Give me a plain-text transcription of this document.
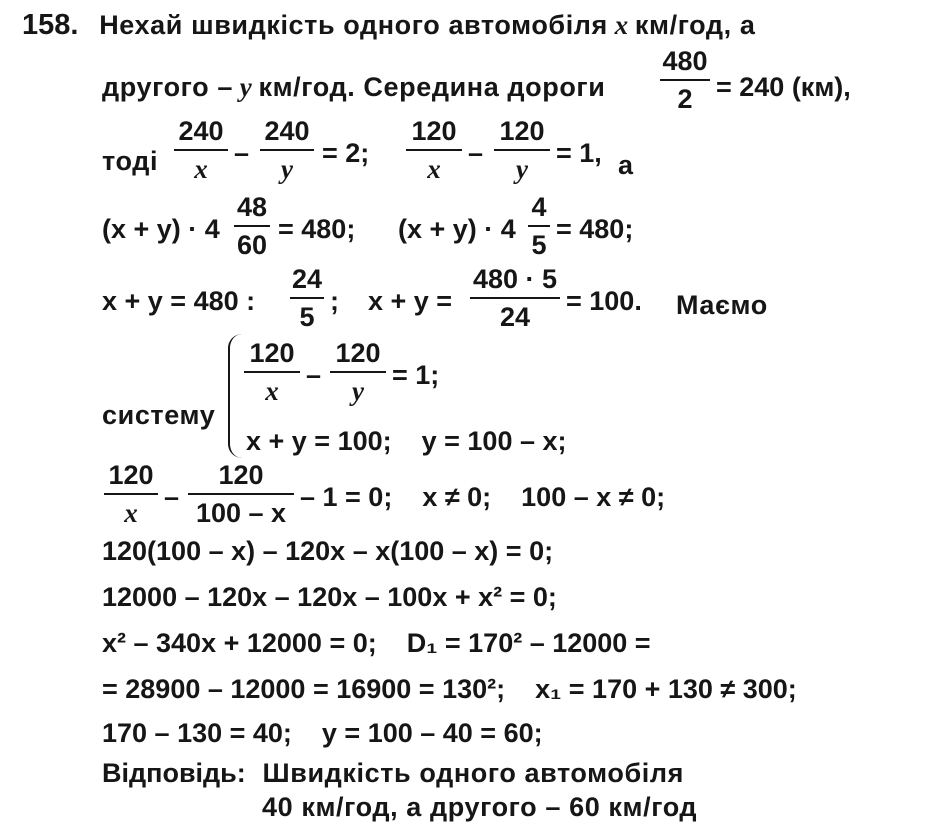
158. Нехай швидкість одного автомобіля x км/год, а
другого – y км/год. Середина дороги
480
2 = 240 (км),
тоді
240
x
–
240
y
= 2;
120
x
–
120
y
= 1, а
(x + y) · 4
48
60
= 480; (x + y) · 4
4
5
= 480;
x + y = 480 :
24
5
; x + y =
480 · 5
24
= 100. Маємо
систему
120
x
–
120
y
= 1;
x + y = 100;    y = 100 – x;
120
x
–
120
100 – x
– 1 = 0;    x ≠ 0;    100 – x ≠ 0;
120(100 – x) – 120x – x(100 – x) = 0;
12000 – 120x – 120x – 100x + x² = 0;
x² – 340x + 12000 = 0;    D₁ = 170² – 12000 =
= 28900 – 12000 = 16900 = 130²;    x₁ = 170 + 130 ≠ 300;
170 – 130 = 40;    y = 100 – 40 = 60;
Відповідь: Швидкість одного автомобіля
40 км/год, а другого – 60 км/год
